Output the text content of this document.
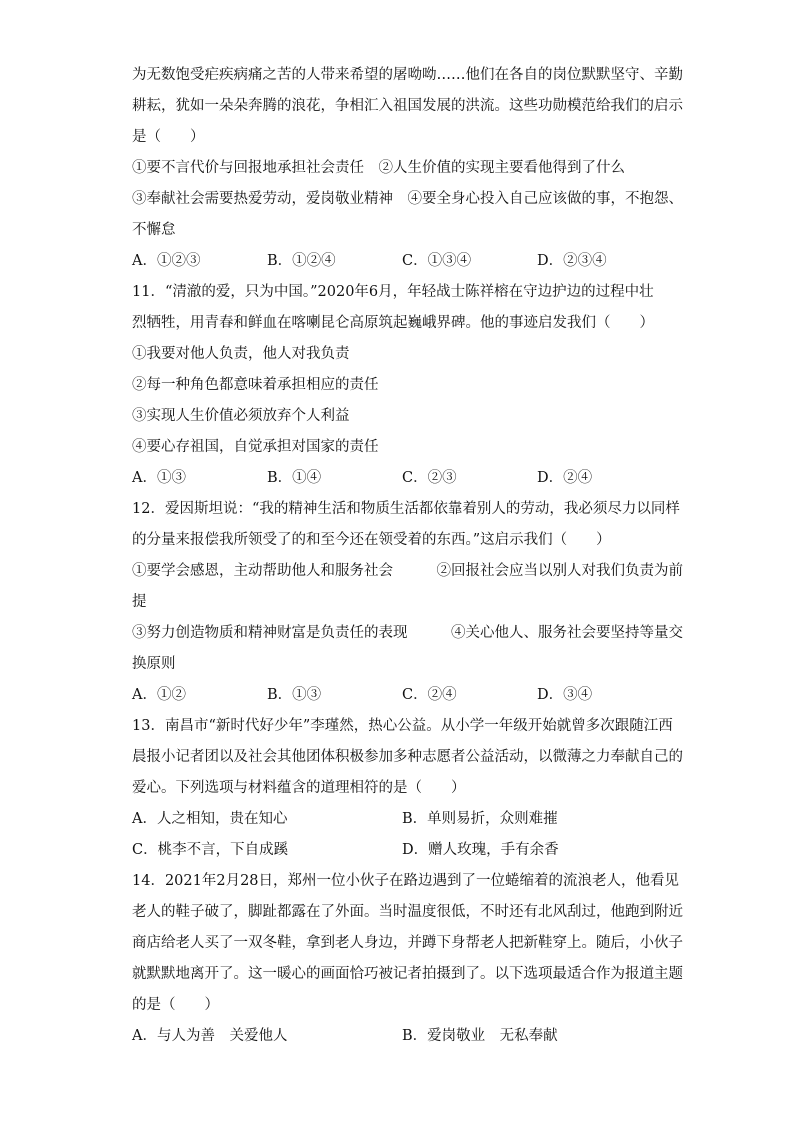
为无数饱受疟疾病痛之苦的人带来希望的屠呦呦……他们在各自的岗位默默坚守、辛勤
耕耘，犹如一朵朵奔腾的浪花，争相汇入祖国发展的洪流。这些功勋模范给我们的启示
是（　　）
①要不言代价与回报地承担社会责任　②人生价值的实现主要看他得到了什么
③奉献社会需要热爱劳动，爱岗敬业精神　④要全身心投入自己应该做的事，不抱怨、
不懈怠
A．①②③	B．①②④	C．①③④	D．②③④
11．“清澈的爱，只为中国。”2020年6月，年轻战士陈祥榕在守边护边的过程中壮
烈牺牲，用青春和鲜血在喀喇昆仑高原筑起巍峨界碑。他的事迹启发我们（　　）
①我要对他人负责，他人对我负责
②每一种角色都意味着承担相应的责任
③实现人生价值必须放弃个人利益
④要心存祖国，自觉承担对国家的责任
A．①③	B．①④	C．②③	D．②④
12．爱因斯坦说：“我的精神生活和物质生活都依靠着别人的劳动，我必须尽力以同样
的分量来报偿我所领受了的和至今还在领受着的东西。”这启示我们（　　）
①要学会感恩，主动帮助他人和服务社会　　　②回报社会应当以别人对我们负责为前
提
③努力创造物质和精神财富是负责任的表现　　　④关心他人、服务社会要坚持等量交
换原则
A．①②	B．①③	C．②④	D．③④
13．南昌市“新时代好少年”李瑾然，热心公益。从小学一年级开始就曾多次跟随江西
晨报小记者团以及社会其他团体积极参加多种志愿者公益活动，以微薄之力奉献自己的
爱心。下列选项与材料蕴含的道理相符的是（　　）
A．人之相知，贵在知心	B．单则易折，众则难摧
C．桃李不言，下自成蹊	D．赠人玫瑰，手有余香
14．2021年2月28日，郑州一位小伙子在路边遇到了一位蜷缩着的流浪老人，他看见
老人的鞋子破了，脚趾都露在了外面。当时温度很低，不时还有北风刮过，他跑到附近
商店给老人买了一双冬鞋，拿到老人身边，并蹲下身帮老人把新鞋穿上。随后，小伙子
就默默地离开了。这一暖心的画面恰巧被记者拍摄到了。以下选项最适合作为报道主题
的是（　　）
A．与人为善　关爱他人	B．爱岗敬业　无私奉献
